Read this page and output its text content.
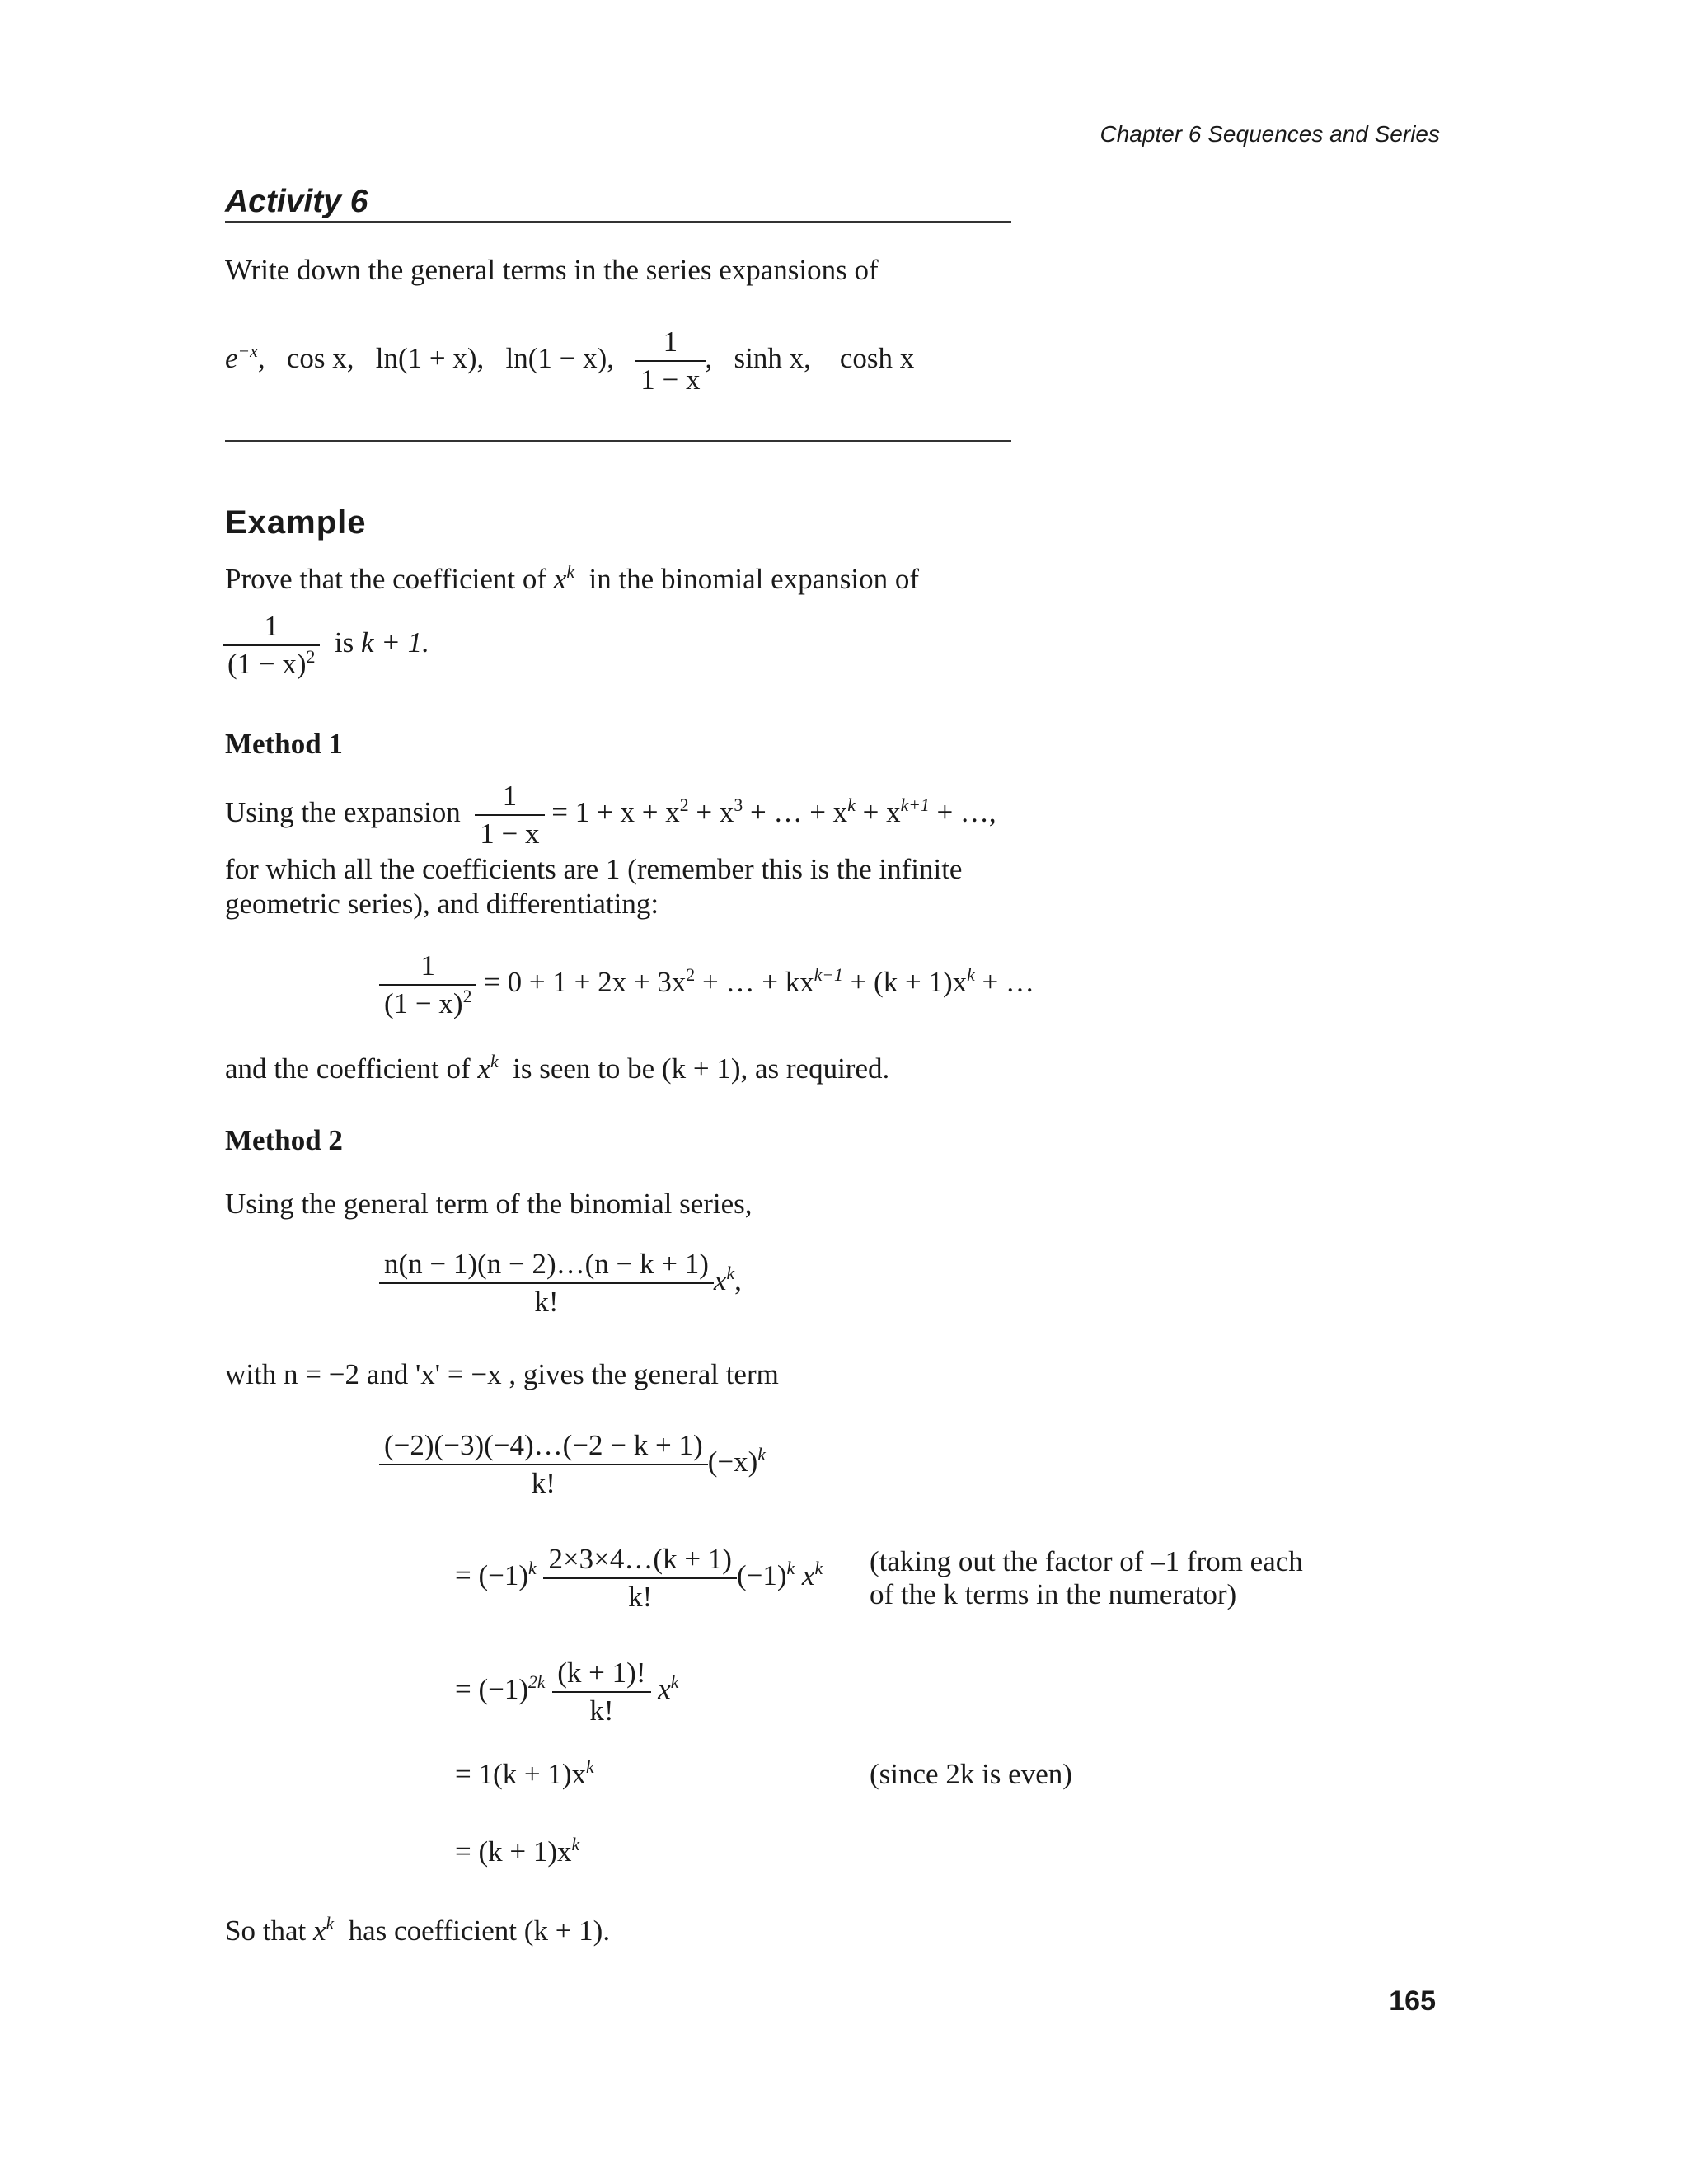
Chapter 6 Sequences and Series
Activity 6
Write down the general terms in the series expansions of
$e^{-x}$,   cos x, ln(1 + x), ln(1 − x), $\frac{1}{1 - x}$ , sinh x, cosh x
Example
Prove that the coefficient of $x^k$ in the binomial expansion of
$\frac{1}{(1 - x)^2}$ is k + 1.
Method 1
Using the expansion $\frac{1}{1 - x} = 1 + x + x^2 + x^3$ + … + $x^k + x^{k+1}$ + …,
for which all the coefficients are 1 (remember this is the infinite
geometric series), and differentiating:
$\frac{1}{(1 - x)^2} = 0 + 1 + 2x + 3x^2$ + … + $kx^{k-1} + (k + 1)x^k$ + …
and the coefficient of $x^k$ is seen to be (k + 1), as required.
Method 2
Using the general term of the binomial series,
$\frac{n(n - 1)(n - 2)\dots(n - k + 1)}{k!} x^k$,
with n = −2 and 'x' = −x , gives the general term
$\frac{(-2)(-3)(-4)\dots(-2 - k + 1)}{k!} (-x)^k$
= $(-1)^k \frac{2\times 3\times 4\dots(k + 1)}{k!} (-1)^k$ $x^k$ (taking out the factor of –1 from each
of the k terms in the numerator)
= $(-1)^{2k} \frac{(k + 1)!}{k!} x^k$
= $1(k + 1)x^k$	(since 2k is even)
= $(k + 1)x^k$
So that $x^k$ has coefficient (k + 1).
165
